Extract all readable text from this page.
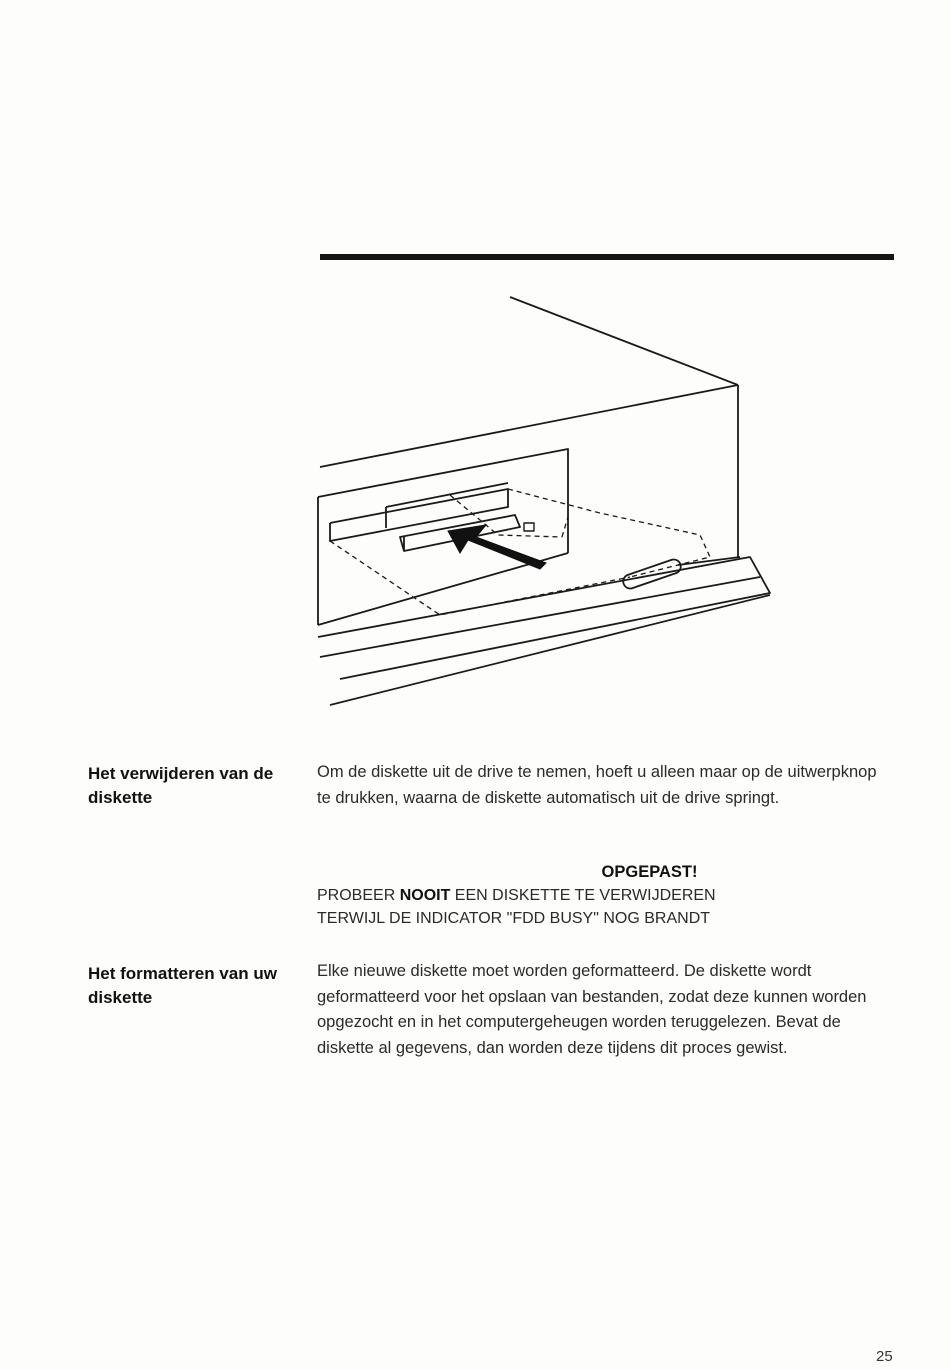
Het verwijderen van de diskette
Om de diskette uit de drive te nemen, hoeft u alleen maar op de uitwerpknop te drukken, waarna de diskette automatisch uit de drive springt.
OPGEPAST!
PROBEER NOOIT EEN DISKETTE TE VERWIJDEREN
TERWIJL DE INDICATOR "FDD BUSY" NOG BRANDT
Het formatteren van uw diskette
Elke nieuwe diskette moet worden geformatteerd. De diskette wordt geformatteerd voor het opslaan van bestanden, zodat deze kunnen worden opgezocht en in het computergeheugen worden teruggelezen. Bevat de diskette al gegevens, dan worden deze tijdens dit proces gewist.
25
